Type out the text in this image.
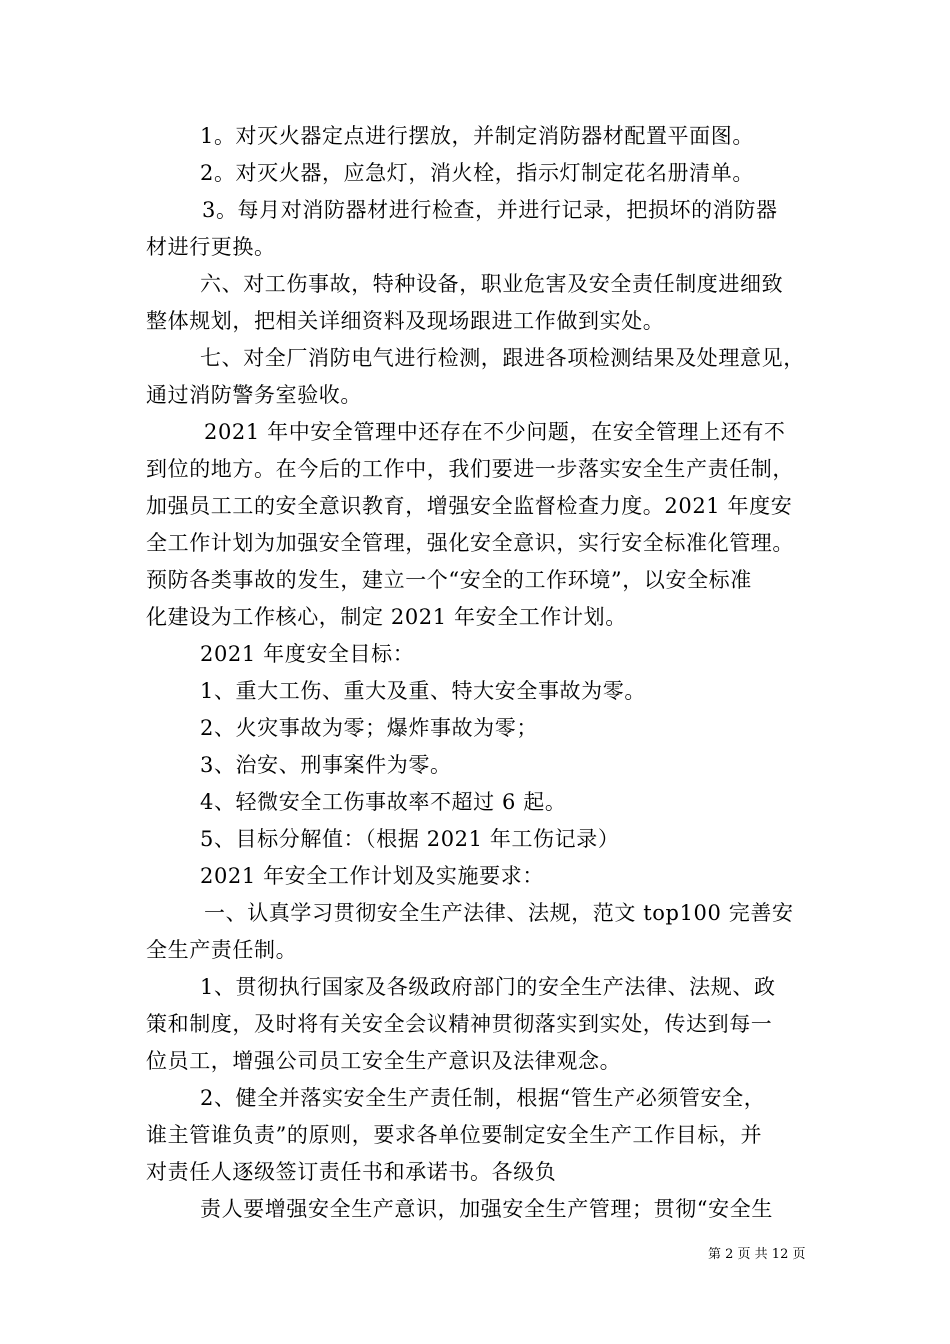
1。对灭火器定点进行摆放，并制定消防器材配置平面图。
2。对灭火器，应急灯，消火栓，指示灯制定花名册清单。
3。每月对消防器材进行检查，并进行记录，把损坏的消防器
材进行更换。
六、对工伤事故，特种设备，职业危害及安全责任制度进细致
整体规划，把相关详细资料及现场跟进工作做到实处。
七、对全厂消防电气进行检测，跟进各项检测结果及处理意见，
通过消防警务室验收。
2021 年中安全管理中还存在不少问题，在安全管理上还有不
到位的地方。在今后的工作中，我们要进一步落实安全生产责任制，
加强员工工的安全意识教育，增强安全监督检查力度。2021 年度安
全工作计划为加强安全管理，强化安全意识，实行安全标准化管理。
预防各类事故的发生，建立一个“安全的工作环境”，以安全标准
化建设为工作核心，制定 2021 年安全工作计划。
2021 年度安全目标：
1、重大工伤、重大及重、特大安全事故为零。
2、火灾事故为零；爆炸事故为零；
3、治安、刑事案件为零。
4、轻微安全工伤事故率不超过 6 起。
5、目标分解值：（根据 2021 年工伤记录）
2021 年安全工作计划及实施要求：
一、认真学习贯彻安全生产法律、法规，范文 top100 完善安
全生产责任制。
1、贯彻执行国家及各级政府部门的安全生产法律、法规、政
策和制度，及时将有关安全会议精神贯彻落实到实处，传达到每一
位员工，增强公司员工安全生产意识及法律观念。
2、健全并落实安全生产责任制，根据“管生产必须管安全，
谁主管谁负责”的原则，要求各单位要制定安全生产工作目标，并
对责任人逐级签订责任书和承诺书。各级负
责人要增强安全生产意识，加强安全生产管理；贯彻“安全生
第 2 页 共 12 页
